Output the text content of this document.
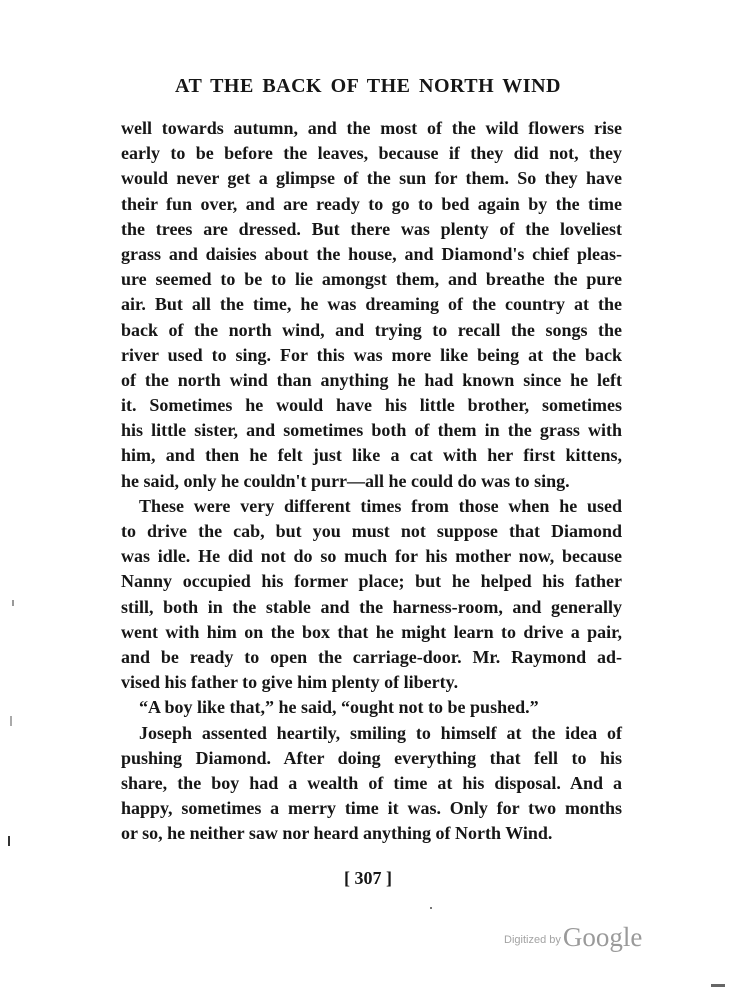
AT THE BACK OF THE NORTH WIND
well towards autumn, and the most of the wild flowers rise
early to be before the leaves, because if they did not, they
would never get a glimpse of the sun for them. So they have
their fun over, and are ready to go to bed again by the time
the trees are dressed. But there was plenty of the loveliest
grass and daisies about the house, and Diamond's chief pleas-
ure seemed to be to lie amongst them, and breathe the pure
air. But all the time, he was dreaming of the country at the
back of the north wind, and trying to recall the songs the
river used to sing. For this was more like being at the back
of the north wind than anything he had known since he left
it. Sometimes he would have his little brother, sometimes
his little sister, and sometimes both of them in the grass with
him, and then he felt just like a cat with her first kittens,
he said, only he couldn't purr—all he could do was to sing.
These were very different times from those when he used
to drive the cab, but you must not suppose that Diamond
was idle. He did not do so much for his mother now, because
Nanny occupied his former place; but he helped his father
still, both in the stable and the harness-room, and generally
went with him on the box that he might learn to drive a pair,
and be ready to open the carriage-door. Mr. Raymond ad-
vised his father to give him plenty of liberty.
“A boy like that,” he said, “ought not to be pushed.”
Joseph assented heartily, smiling to himself at the idea of
pushing Diamond. After doing everything that fell to his
share, the boy had a wealth of time at his disposal. And a
happy, sometimes a merry time it was. Only for two months
or so, he neither saw nor heard anything of North Wind.
[ 307 ]
Digitized byGoogle
